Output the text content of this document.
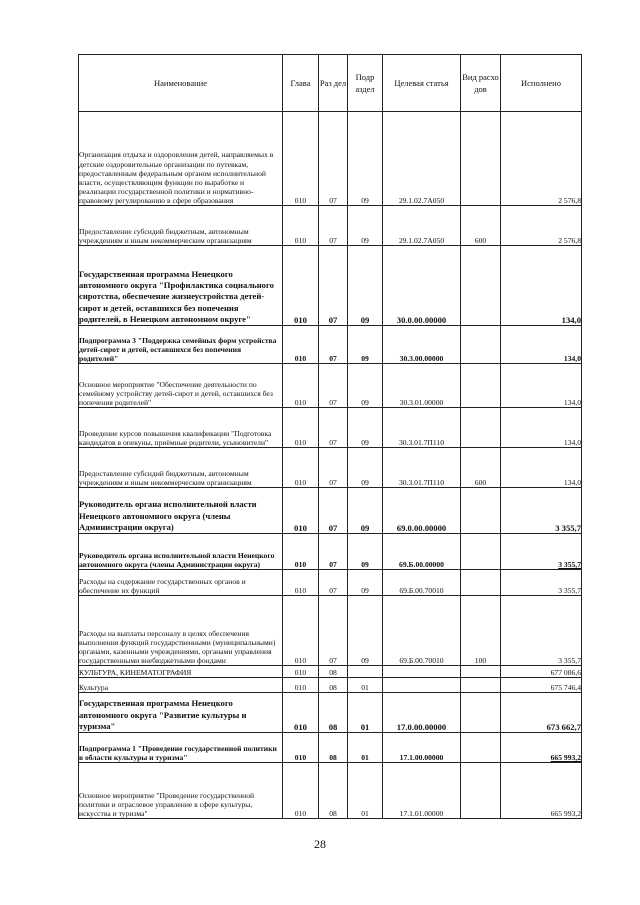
Наименование	Глава	Раз дел	Подр аздел	Целевая статья	Вид расхо дов	Исполнено
Организация отдыха и оздоровления детей, направляемых в детские оздоровительные организации по путевкам, предоставленным федеральным органом исполнительной власти, осуществляющим функции по выработке и реализации государственной политики и нормативно-правовому регулированию в сфере образования	010	07	09	29.1.02.7А050		2 576,8
Предоставление субсидий бюджетным, автономным учреждениям и иным некоммерческим организациям	010	07	09	29.1.02.7А050	600	2 576,8
Государственная программа Ненецкого автономного округа "Профилактика социального сиротства, обеспечение жизнеустройства детей-сирот и детей, оставшихся без попечения родителей, в Ненецком автономном округе"	010	07	09	30.0.00.00000		134,0
Подпрограмма 3 "Поддержка семейных форм устройства детей-сирот и детей, оставшихся без попечения родителей"	010	07	09	30.3.00.00000		134,0
Основное мероприятие "Обеспечение деятельности по семейному устройству детей-сирот и детей, оставшихся без попечения родителей"	010	07	09	30.3.01.00000		134,0
Проведение курсов повышения квалификации "Подготовка кандидатов в опекуны, приёмные родители, усыновители"	010	07	09	30.3.01.7П110		134,0
Предоставление субсидий бюджетным, автономным учреждениям и иным некоммерческим организациям	010	07	09	30.3.01.7П110	600	134,0
Руководитель органа исполнительной власти Ненецкого автономного округа (члены Администрации округа)	010	07	09	69.0.00.00000		3 355,7
Руководитель органа исполнительной власти Ненецкого автономного округа (члены Администрации округа)	010	07	09	69.Б.00.00000		3 355,7
Расходы на содержание государственных органов и обеспечение их функций	010	07	09	69.Б.00.70010		3 355,7
Расходы на выплаты персоналу в целях обеспечения выполнения функций государственными (муниципальными) органами, казенными учреждениями, органами управления государственными внебюджетными фондами	010	07	09	69.Б.00.70010	100	3 355,7
КУЛЬТУРА, КИНЕМАТОГРАФИЯ	010	08				677 086,6
Культура	010	08	01			675 746,4
Государственная программа Ненецкого автономного округа "Развитие культуры и туризма"	010	08	01	17.0.00.00000		673 662,7
Подпрограмма 1 "Проведение государственной политики в области культуры и туризма"	010	08	01	17.1.00.00000		665 993,2
Основное мероприятие "Проведение государственной политики и отраслевое управление в сфере культуры, искусства и туризма"	010	08	01	17.1.01.00000		665 993,2
28
